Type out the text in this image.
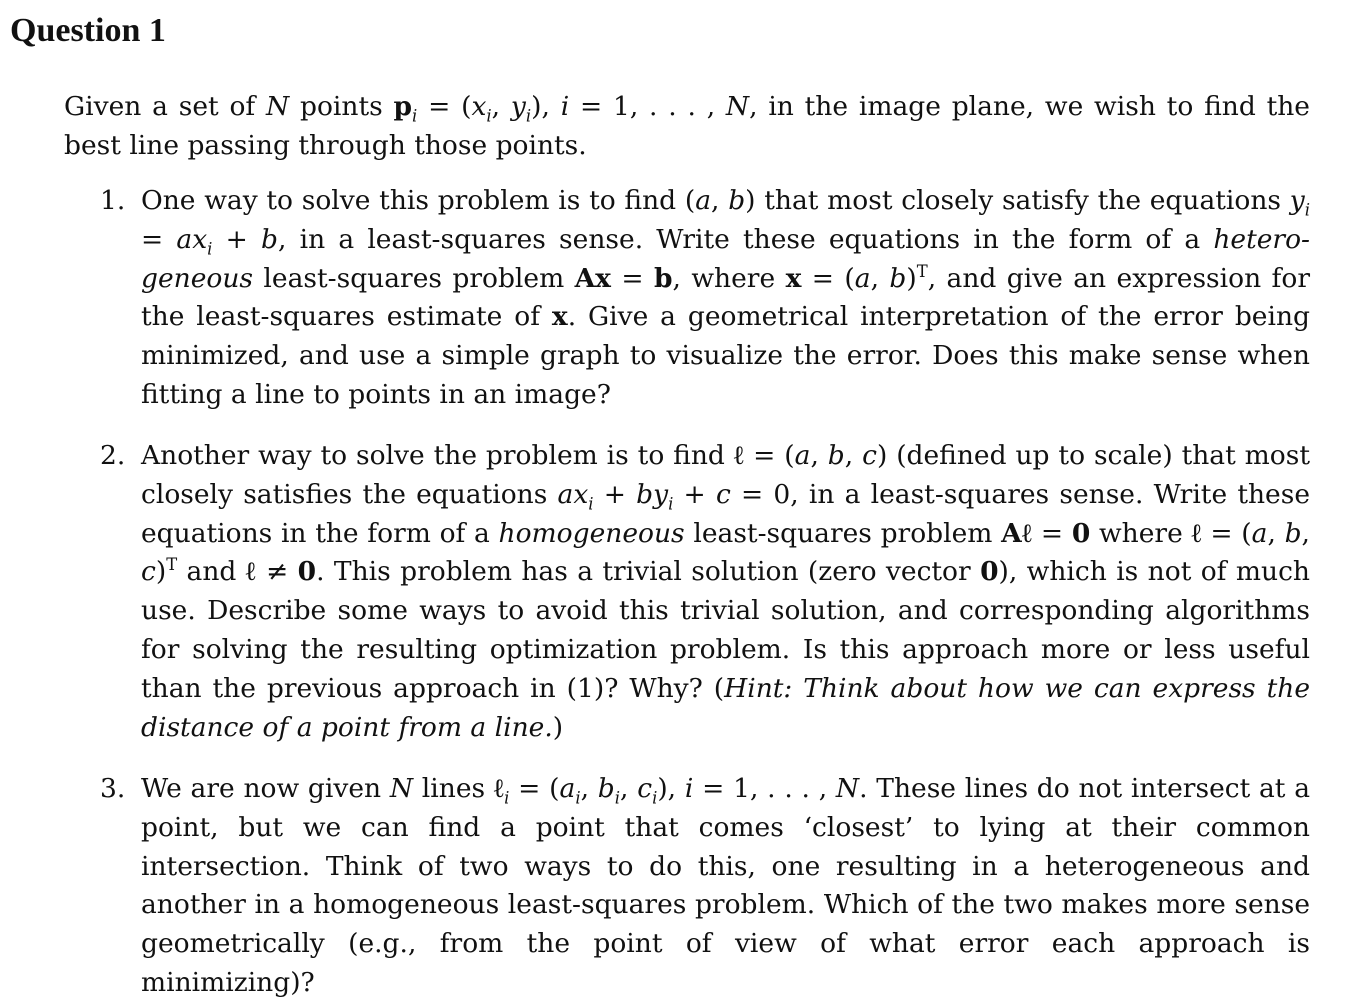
Question 1
Given a set of N points $p_i = (x_i$, $y_i$), i = 1, . . . , N, in the image plane, we wish to find the best line passing through those points.
1. One way to solve this problem is to find (a, b) that most closely satisfy the equations $y_i = ax_i + b$, in a least-squares sense. Write these equations in the form of a hetero-geneous least-squares problem Ax = b, where x = (a, b)$^T$, and give an expression for the least-squares estimate of x. Give a geometrical interpretation of the error being minimized, and use a simple graph to visualize the error. Does this make sense when fitting a line to points in an image?
2. Another way to solve the problem is to find ℓ = (a, b, c) (defined up to scale) that most closely satisfies the equations $ax_i + by_i + c = 0$, in a least-squares sense. Write these equations in the form of a homogeneous least-squares problem Aℓ = 0 where ℓ = (a, b, c)$^T$ and ℓ ≠ 0. This problem has a trivial solution (zero vector 0), which is not of much use. Describe some ways to avoid this trivial solution, and corresponding algorithms for solving the resulting optimization problem. Is this approach more or less useful than the previous approach in (1)? Why? (Hint: Think about how we can express the distance of a point from a line.)
3. We are now given N lines ℓ$_i$ = ($a_i$, $b_i$, $c_i$), i = 1, . . . , N. These lines do not intersect at a point, but we can find a point that comes ‘closest’ to lying at their common intersection. Think of two ways to do this, one resulting in a heterogeneous and another in a homogeneous least-squares problem. Which of the two makes more sense geometrically (e.g., from the point of view of what error each approach is minimizing)?
